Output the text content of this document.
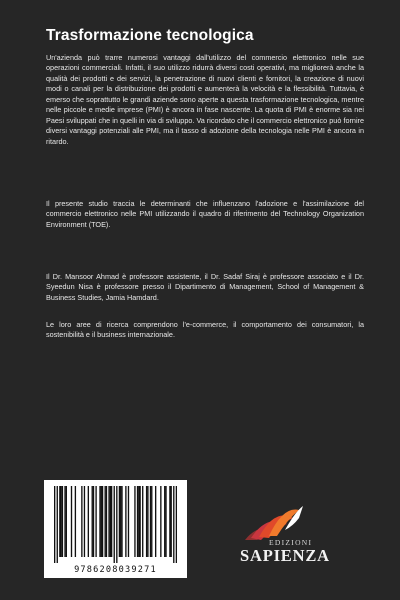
Trasformazione tecnologica

Un'azienda può trarre numerosi vantaggi dall'utilizzo del commercio elettronico nelle sue operazioni commerciali. Infatti, il suo utilizzo ridurrà diversi costi operativi, ma migliorerà anche la qualità dei prodotti e dei servizi, la penetrazione di nuovi clienti e fornitori, la creazione di nuovi modi o canali per la distribuzione dei prodotti e aumenterà la velocità e la flessibilità. Tuttavia, è emerso che soprattutto le grandi aziende sono aperte a questa trasformazione tecnologica, mentre nelle piccole e medie imprese (PMI) è ancora in fase nascente. La quota di PMI è enorme sia nei Paesi sviluppati che in quelli in via di sviluppo. Va ricordato che il commercio elettronico può fornire diversi vantaggi potenziali alle PMI, ma il tasso di adozione della tecnologia nelle PMI è ancora in ritardo.

Il presente studio traccia le determinanti che influenzano l'adozione e l'assimilazione del commercio elettronico nelle PMI utilizzando il quadro di riferimento del Technology Organization Environment (TOE).

Il Dr. Mansoor Ahmad è professore assistente, il Dr. Sadaf Siraj è professore associato e il Dr. Syeedun Nisa è professore presso il Dipartimento di Management, School of Management & Business Studies, Jamia Hamdard.

Le loro aree di ricerca comprendono l'e-commerce, il comportamento dei consumatori, la sostenibilità e il business internazionale.

9786208039271
EDIZIONI
SAPIENZA
